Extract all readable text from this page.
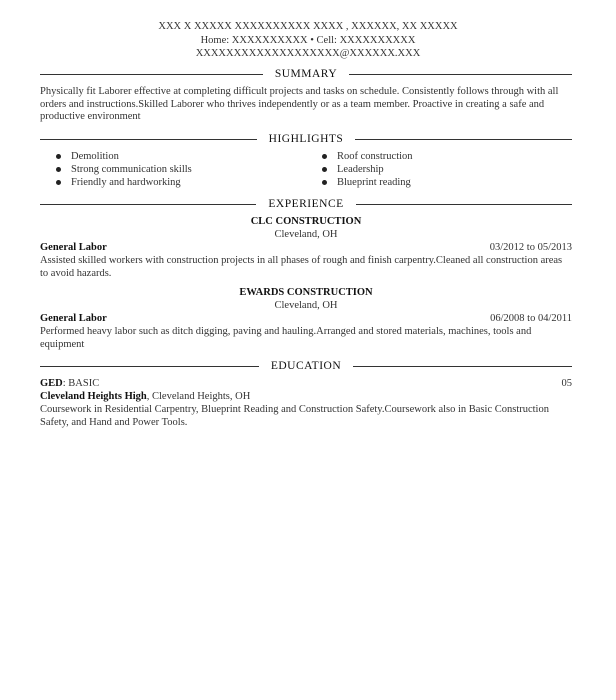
XXX X XXXXX XXXXXXXXXX XXXX , XXXXXX, XX XXXXX
Home: XXXXXXXXXX • Cell: XXXXXXXXXX
XXXXXXXXXXXXXXXXXXX@XXXXXX.XXX
SUMMARY
Physically fit Laborer effective at completing difficult projects and tasks on schedule. Consistently follows through with all orders and instructions.Skilled Laborer who thrives independently or as a team member. Proactive in creating a safe and productive environment
HIGHLIGHTS
Demolition
Strong communication skills
Friendly and hardworking
Roof construction
Leadership
Blueprint reading
EXPERIENCE
CLC CONSTRUCTION
Cleveland, OH
General Labor	03/2012 to 05/2013
Assisted skilled workers with construction projects in all phases of rough and finish carpentry.Cleaned all construction areas to avoid hazards.
EWARDS CONSTRUCTION
Cleveland, OH
General Labor	06/2008 to 04/2011
Performed heavy labor such as ditch digging, paving and hauling.Arranged and stored materials, machines, tools and equipment
EDUCATION
GED: BASIC	05
Cleveland Heights High, Cleveland Heights, OH
Coursework in Residential Carpentry, Blueprint Reading and Construction Safety.Coursework also in Basic Construction Safety, and Hand and Power Tools.
